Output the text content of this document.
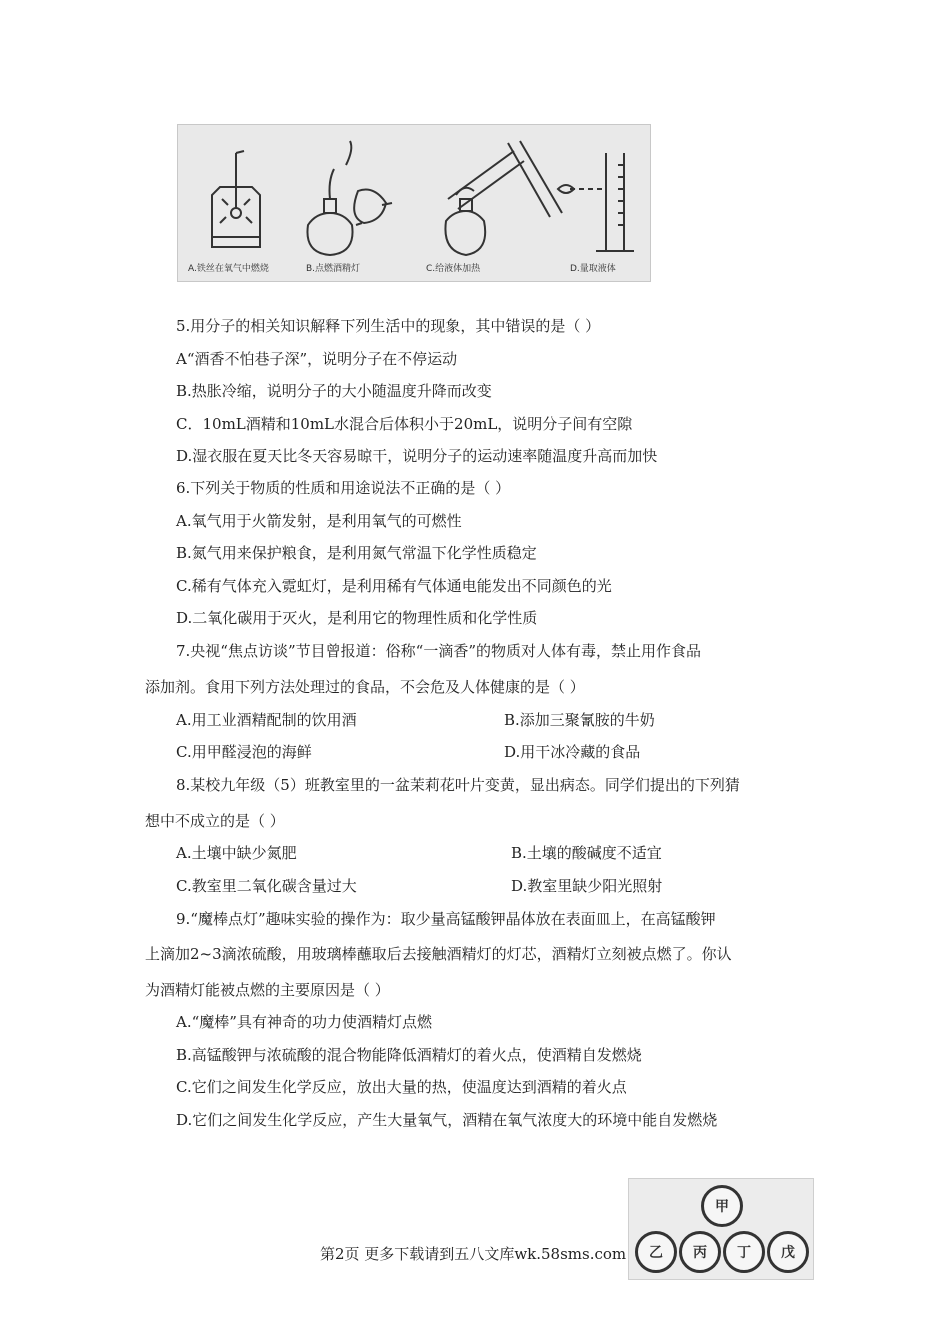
A.铁丝在氧气中燃烧	B.点燃酒精灯	C.给液体加热	D.量取液体
5.用分子的相关知识解释下列生活中的现象，其中错误的是（ ）
A“酒香不怕巷子深”，说明分子在不停运动
B.热胀冷缩，说明分子的大小随温度升降而改变
C．10mL酒精和10mL水混合后体积小于20mL，说明分子间有空隙
D.湿衣服在夏天比冬天容易晾干，说明分子的运动速率随温度升高而加快
6.下列关于物质的性质和用途说法不正确的是（ ）
A.氧气用于火箭发射，是利用氧气的可燃性
B.氮气用来保护粮食，是利用氮气常温下化学性质稳定
C.稀有气体充入霓虹灯，是利用稀有气体通电能发出不同颜色的光
D.二氧化碳用于灭火，是利用它的物理性质和化学性质
7.央视“焦点访谈”节目曾报道：俗称“一滴香”的物质对人体有毒，禁止用作食品
添加剂。食用下列方法处理过的食品，不会危及人体健康的是（ ）
A.用工业酒精配制的饮用酒	B.添加三聚氰胺的牛奶
C.用甲醛浸泡的海鲜	D.用干冰冷藏的食品
8.某校九年级（5）班教室里的一盆茉莉花叶片变黄，显出病态。同学们提出的下列猜
想中不成立的是（ ）
A.土壤中缺少氮肥	B.土壤的酸碱度不适宜
C.教室里二氧化碳含量过大	D.教室里缺少阳光照射
9.“魔棒点灯”趣味实验的操作为：取少量高锰酸钾晶体放在表面皿上，在高锰酸钾
上滴加2~3滴浓硫酸，用玻璃棒蘸取后去接触酒精灯的灯芯，酒精灯立刻被点燃了。你认
为酒精灯能被点燃的主要原因是（ ）
A.“魔棒”具有神奇的功力使酒精灯点燃
B.高锰酸钾与浓硫酸的混合物能降低酒精灯的着火点，使酒精自发燃烧
C.它们之间发生化学反应，放出大量的热，使温度达到酒精的着火点
D.它们之间发生化学反应，产生大量氧气，酒精在氧气浓度大的环境中能自发燃烧
甲
乙	丙	丁	戊
第2页 更多下载请到五八文库wk.58sms.com
